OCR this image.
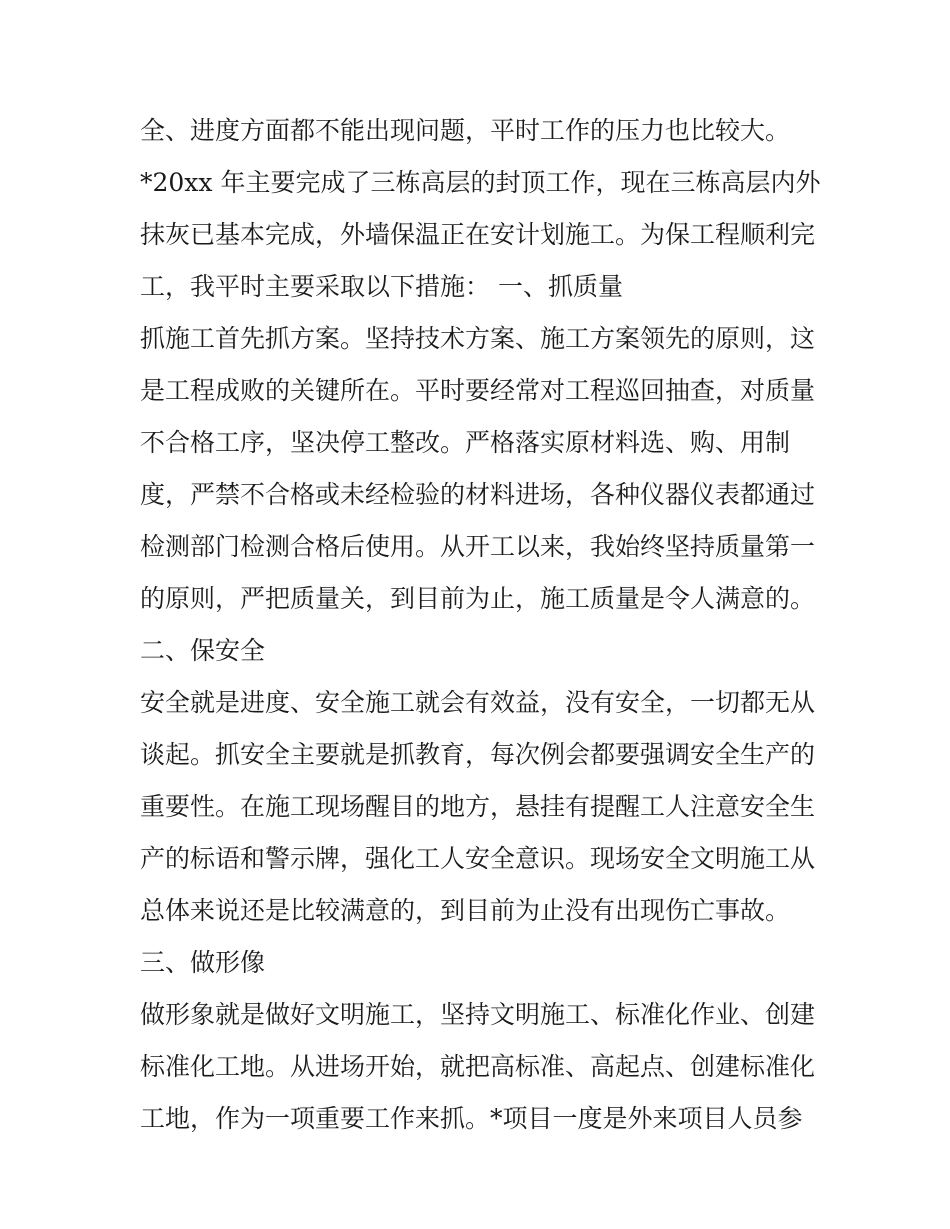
全、进度方面都不能出现问题，平时工作的压力也比较大。
*20xx 年主要完成了三栋高层的封顶工作，现在三栋高层内外
抹灰已基本完成，外墙保温正在安计划施工。为保工程顺利完
工，我平时主要采取以下措施： 一、抓质量
抓施工首先抓方案。坚持技术方案、施工方案领先的原则，这
是工程成败的关键所在。平时要经常对工程巡回抽查，对质量
不合格工序，坚决停工整改。严格落实原材料选、购、用制
度，严禁不合格或未经检验的材料进场，各种仪器仪表都通过
检测部门检测合格后使用。从开工以来，我始终坚持质量第一
的原则，严把质量关，到目前为止，施工质量是令人满意的。
二、保安全
安全就是进度、安全施工就会有效益，没有安全，一切都无从
谈起。抓安全主要就是抓教育，每次例会都要强调安全生产的
重要性。在施工现场醒目的地方，悬挂有提醒工人注意安全生
产的标语和警示牌，强化工人安全意识。现场安全文明施工从
总体来说还是比较满意的，到目前为止没有出现伤亡事故。
三、做形像
做形象就是做好文明施工，坚持文明施工、标准化作业、创建
标准化工地。从进场开始，就把高标准、高起点、创建标准化
工地，作为一项重要工作来抓。*项目一度是外来项目人员参
